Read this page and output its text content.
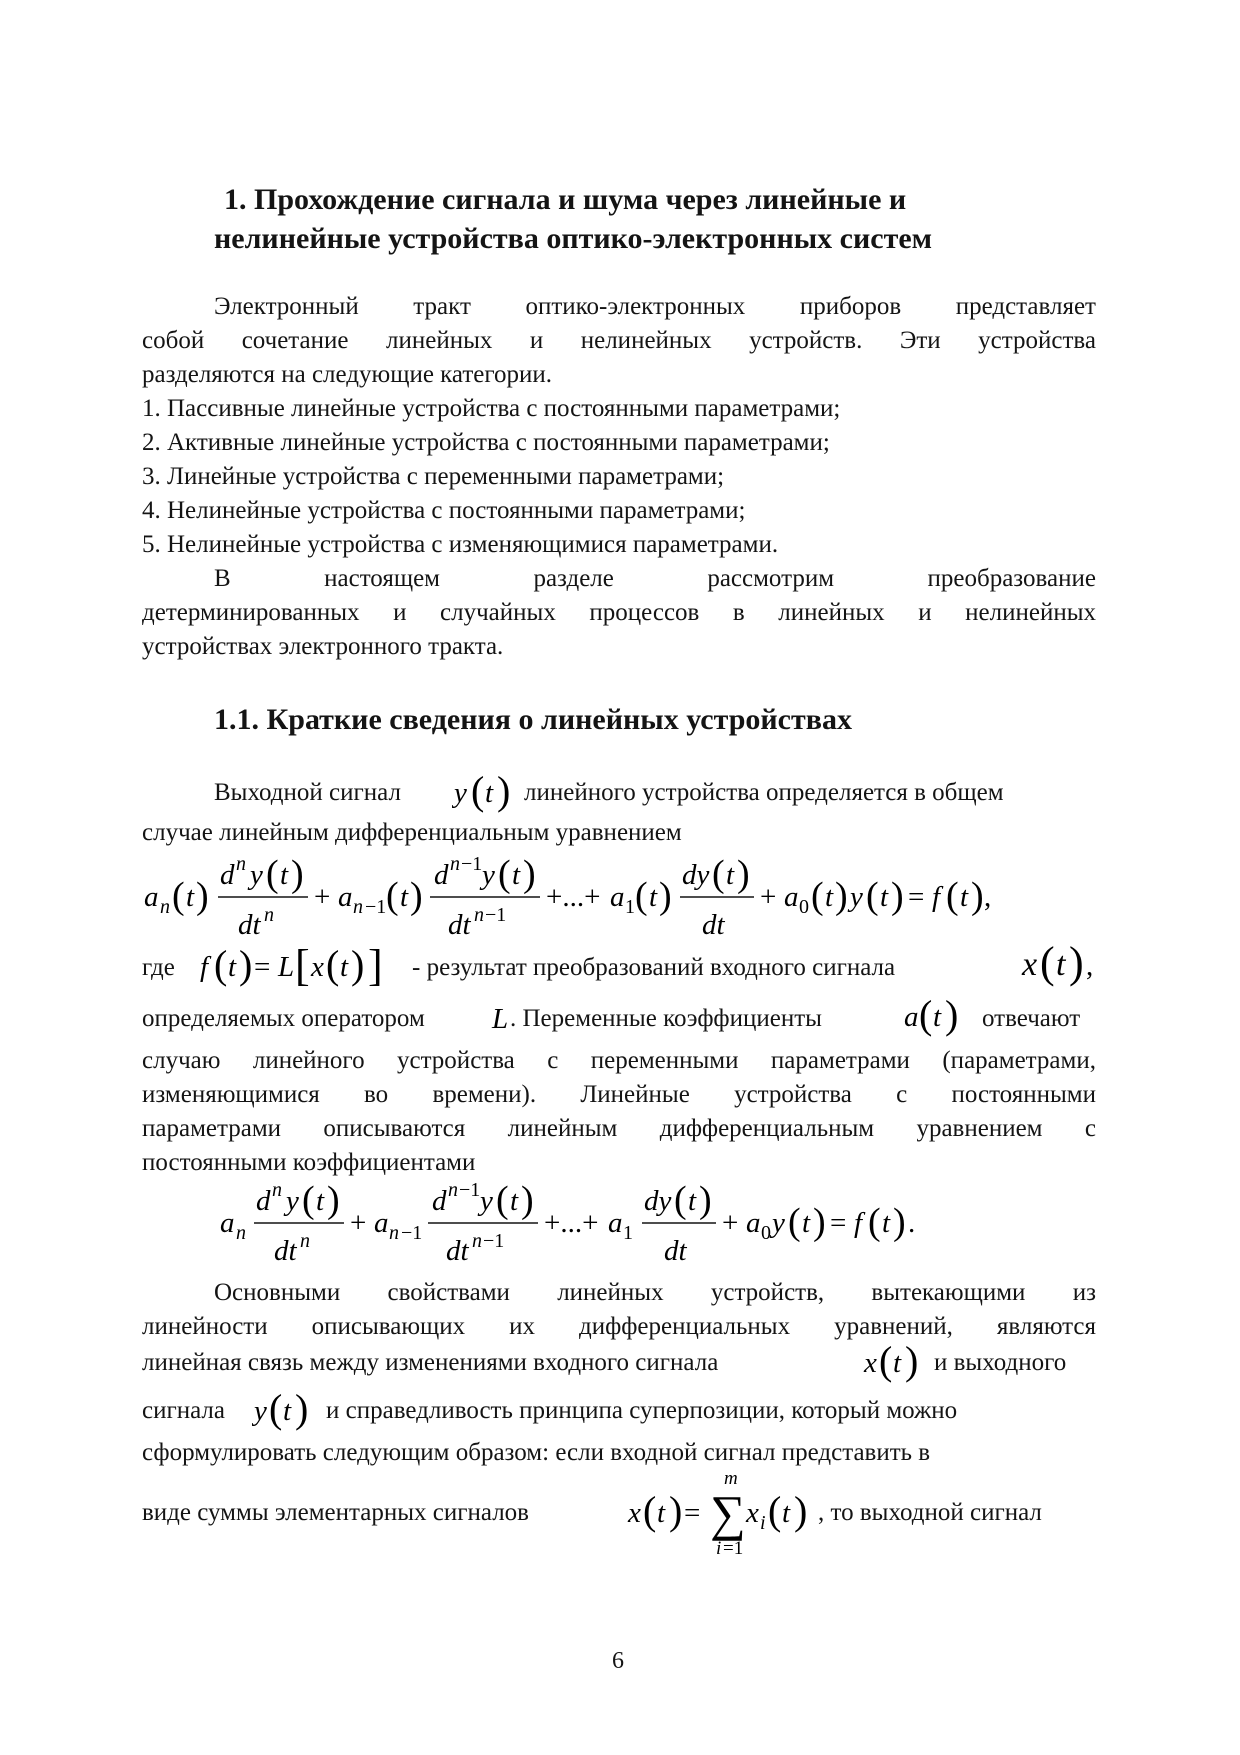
1. Прохождение сигнала и шума через линейные и
нелинейные устройства оптико-электронных систем
Электронный тракт оптико-электронных приборов представляет
собой сочетание линейных и нелинейных устройств. Эти устройства
разделяются на следующие категории.
1. Пассивные линейные устройства с постоянными параметрами;
2. Активные линейные устройства с постоянными параметрами;
3. Линейные устройства с переменными параметрами;
4. Нелинейные устройства с постоянными параметрами;
5. Нелинейные устройства с изменяющимися параметрами.
В	настоящем	разделе	рассмотрим	преобразование
детерминированных и случайных процессов в линейных и нелинейных
устройствах электронного тракта.
1.1. Краткие сведения о линейных устройствах
Выходной сигнал y ( t ) линейного устройства определяется в общем
случае линейным дифференциальным уравнением
a n ( t ) d n y ( t )
dt n
+ a n −1 ( t ) d n −1 y ( t )
dt n −1
+...+ a 1 ( t ) dy ( t )
dt
+ a 0 ( t ) y ( t ) = f ( t ) ,
где f ( t ) = L [ x ( t ) ] - результат преобразований входного сигнала	x ( t ) ,
определяемых оператором L . Переменные коэффициенты	a ( t ) отвечают
случаю линейного устройства с переменными параметрами (параметрами,
изменяющимися во времени). Линейные устройства с постоянными
параметрами описываются линейным дифференциальным уравнением с
постоянными коэффициентами
a n
d n y ( t )
dt n
+ a n −1
d n −1 y ( t )
dt n −1
+...+ a 1
dy ( t )
dt
+ a 0 y ( t ) = f ( t ) .
Основными свойствами линейных устройств, вытекающими из
линейности описывающих их дифференциальных уравнений, являются
линейная связь между изменениями входного сигнала	x ( t ) и выходного
сигнала y ( t ) и справедливость принципа суперпозиции, который можно
сформулировать следующим образом: если входной сигнал представить в
виде суммы элементарных сигналов	x ( t ) = ∑
m
i =1
x i ( t ) , то выходной сигнал
6
